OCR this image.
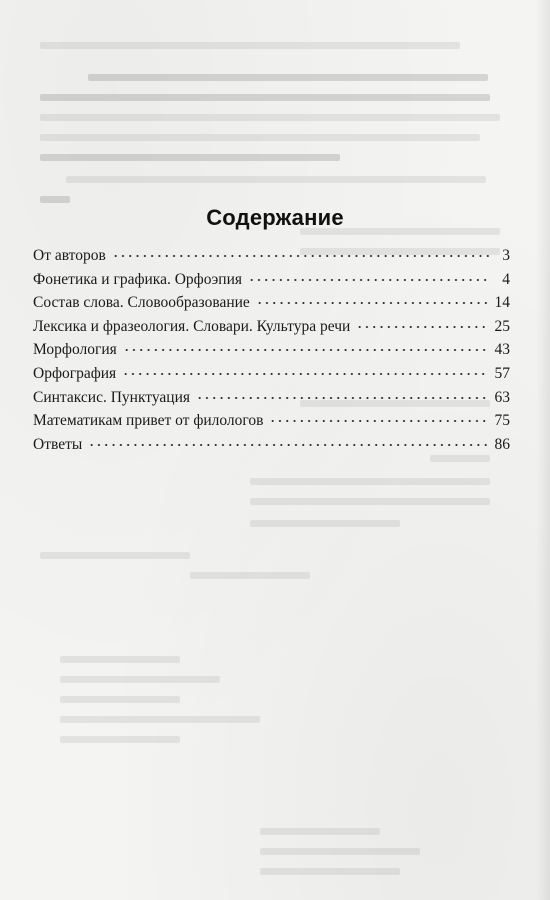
Содержание
От авторов	3
Фонетика и графика. Орфоэпия	4
Состав слова. Словообразование	14
Лексика и фразеология. Словари. Культура речи	25
Морфология	43
Орфография	57
Синтаксис. Пунктуация	63
Математикам привет от филологов	75
Ответы	86
